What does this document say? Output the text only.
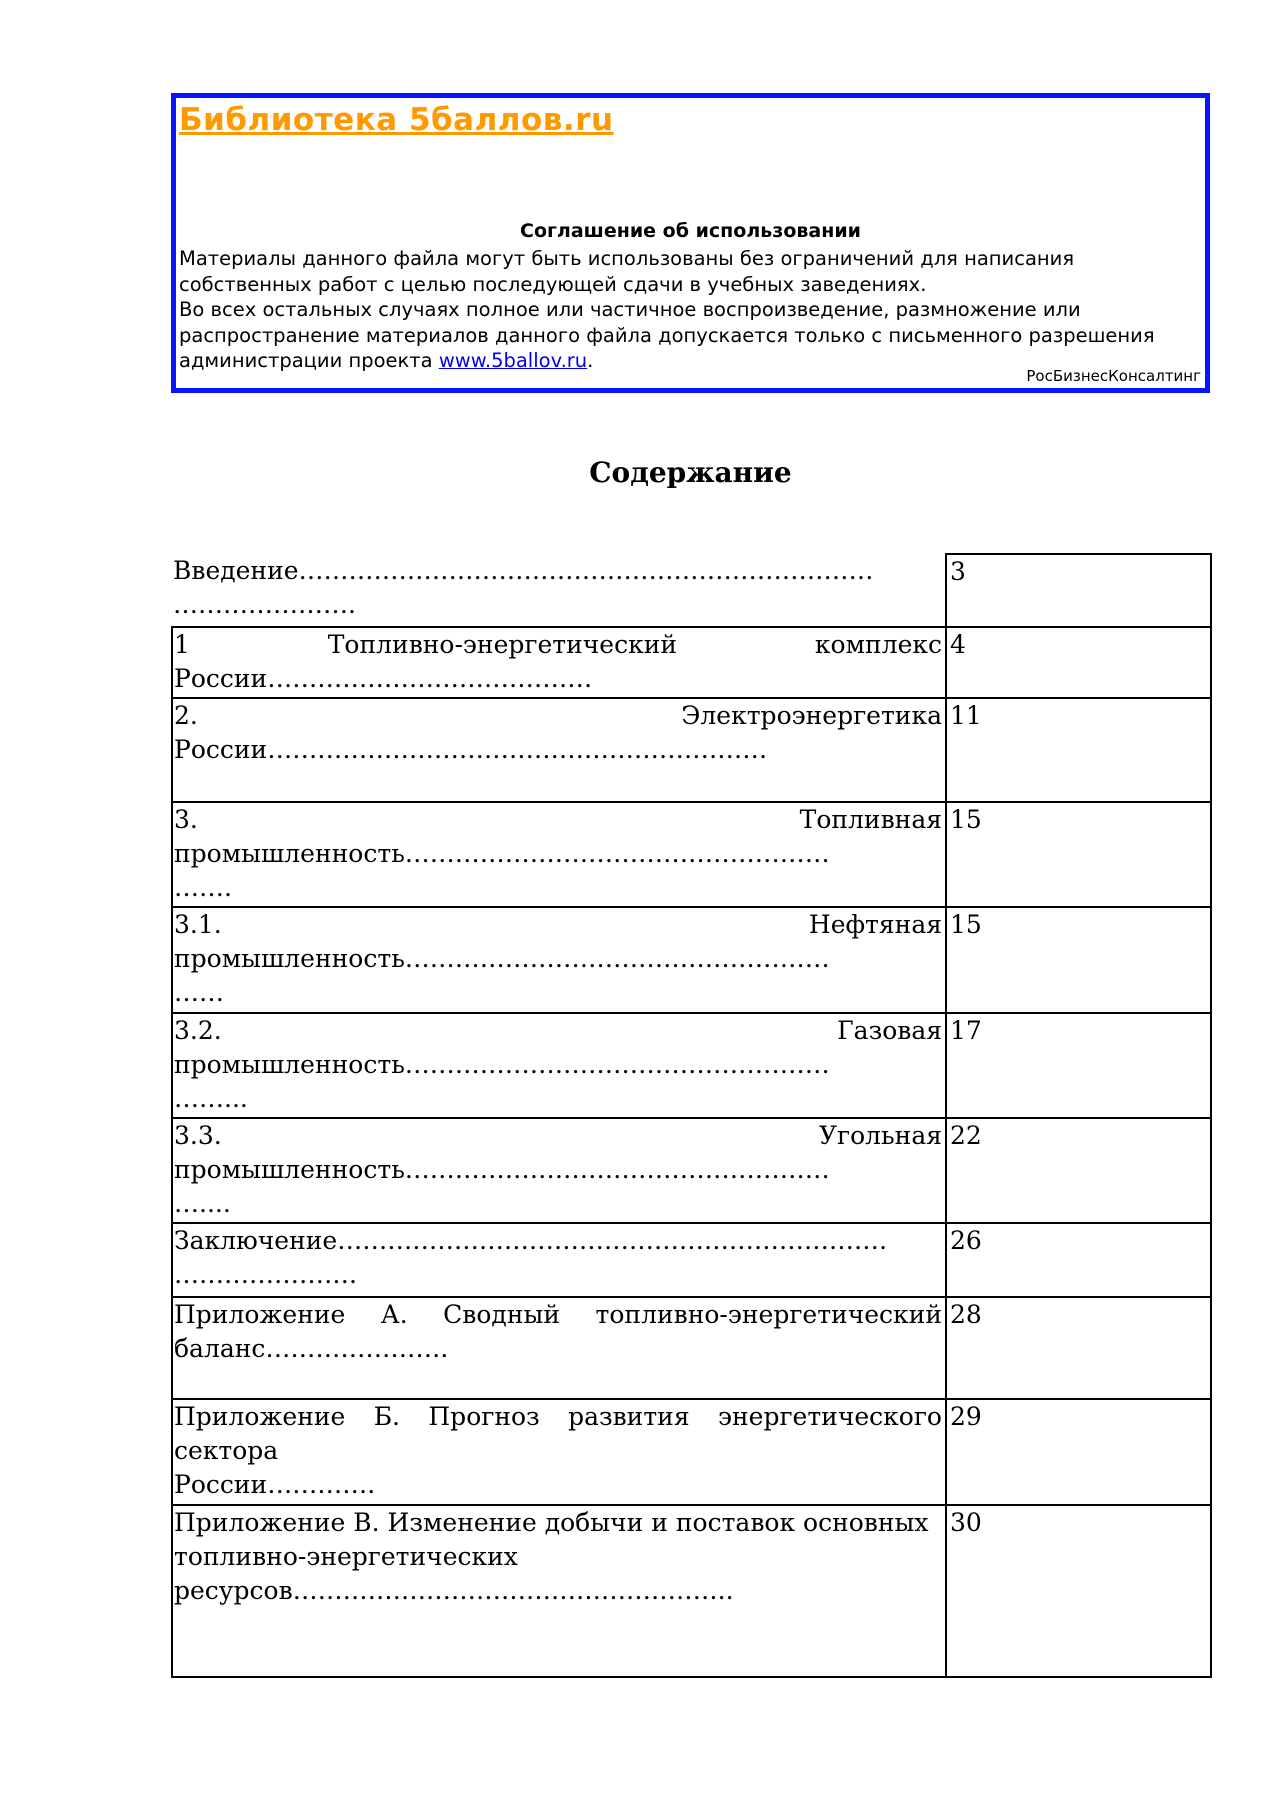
Библиотека 5баллов.ru
Соглашение об использовании

Материалы данного файла могут быть использованы без ограничений для написания собственных работ с целью последующей сдачи в учебных заведениях.

Во всех остальных случаях полное или частичное воспроизведение, размножение или распространение материалов данного файла допускается только с письменного разрешения администрации проекта www.5ballov.ru.

РосБизнесКонсалтинг
Содержание
Введение……………………………………………………………
………………….	3

1 Топливно-энергетический комплекс
России…………………………………	4

2. Электроэнергетика
России……………………………………………………	11

3. Топливная
промышленность……………………………………………
…….	15

3.1. Нефтяная
промышленность……………………………………………
……	15

3.2. Газовая
промышленность……………………………………………
……...	17

3.3. Угольная
промышленность……………………………………………
…....	22

Заключение…………………………………………………………
………………….	26

Приложение А. Сводный топливно-энергетический
баланс………………….	28

Приложение Б. Прогноз развития энергетического сектора
России………….	29

Приложение В. Изменение добычи и поставок основных
топливно-энергетических
ресурсов……………………………………………..	30
